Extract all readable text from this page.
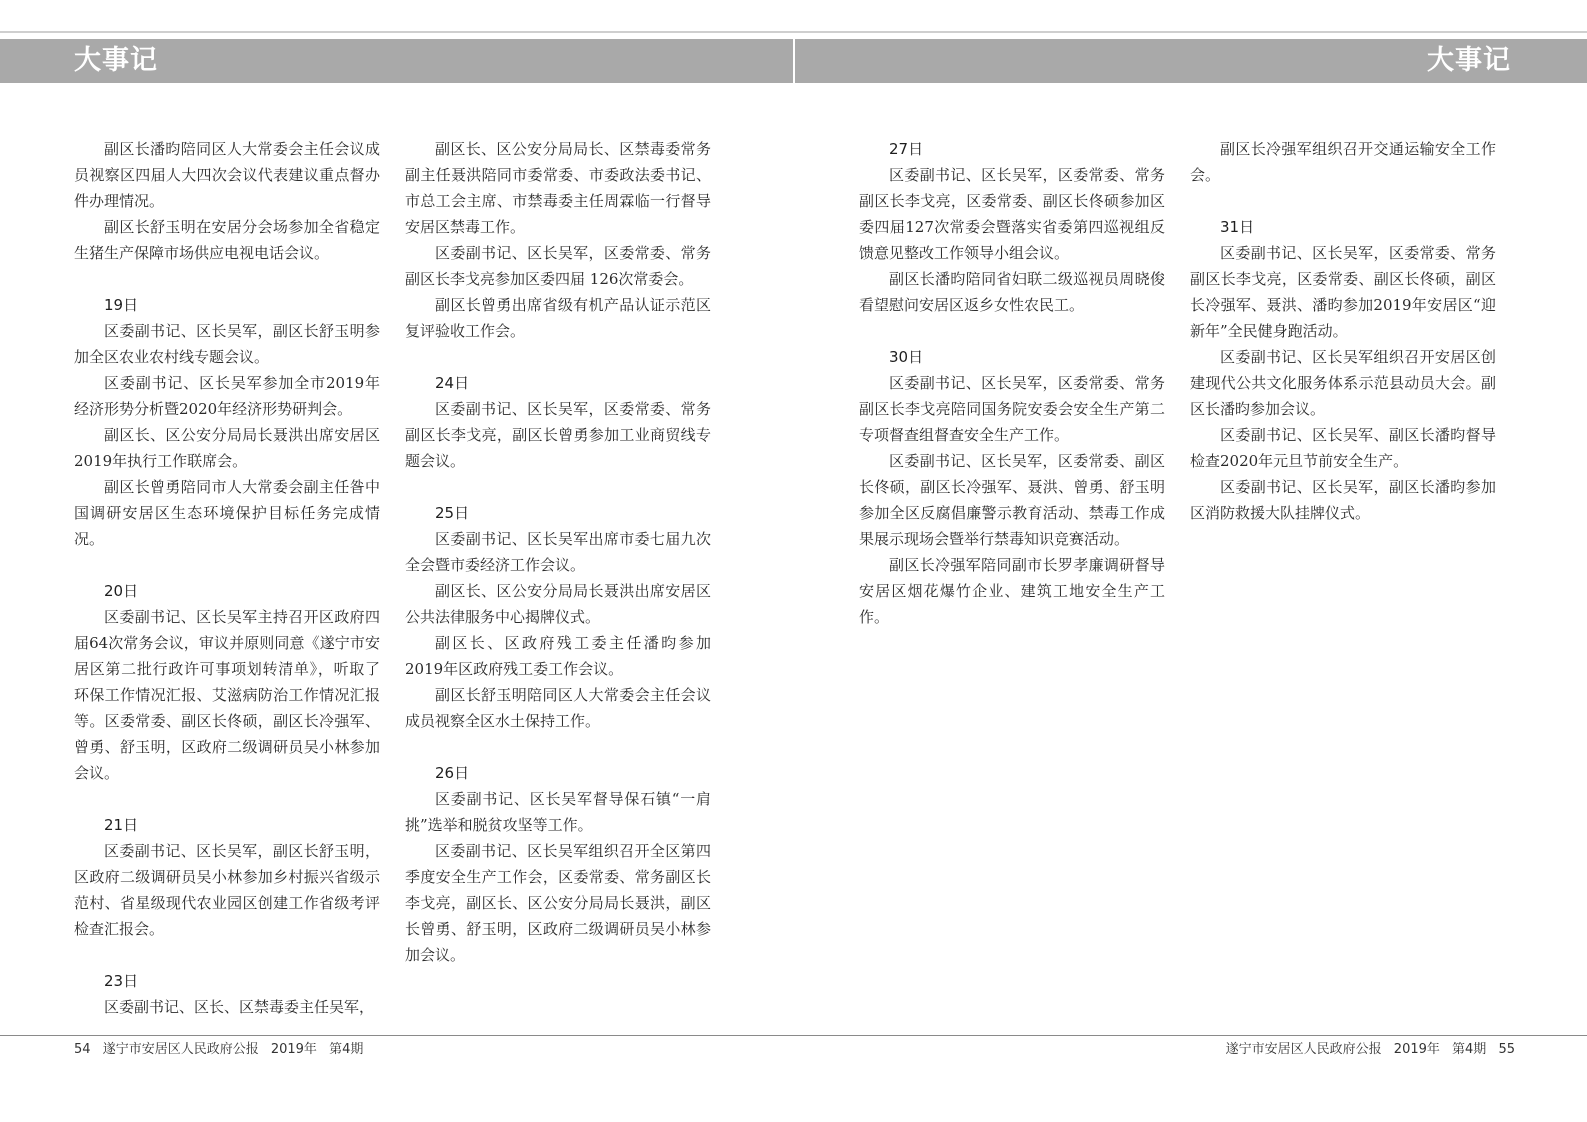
大事记	大事记

副区长潘昀陪同区人大常委会主任会议成员视察区四届人大四次会议代表建议重点督办件办理情况。

副区长舒玉明在安居分会场参加全省稳定生猪生产保障市场供应电视电话会议。

19日

区委副书记、区长吴军，副区长舒玉明参加全区农业农村线专题会议。

区委副书记、区长吴军参加全市2019年经济形势分析暨2020年经济形势研判会。

副区长、区公安分局局长聂洪出席安居区2019年执行工作联席会。

副区长曾勇陪同市人大常委会副主任昝中国调研安居区生态环境保护目标任务完成情况。

20日

区委副书记、区长吴军主持召开区政府四届64次常务会议，审议并原则同意《遂宁市安居区第二批行政许可事项划转清单》，听取了环保工作情况汇报、艾滋病防治工作情况汇报等。区委常委、副区长佟硕，副区长冷强军、曾勇、舒玉明，区政府二级调研员吴小林参加会议。

21日

区委副书记、区长吴军，副区长舒玉明，区政府二级调研员吴小林参加乡村振兴省级示范村、省星级现代农业园区创建工作省级考评检查汇报会。

23日

区委副书记、区长、区禁毒委主任吴军，

副区长、区公安分局局长、区禁毒委常务副主任聂洪陪同市委常委、市委政法委书记、市总工会主席、市禁毒委主任周霖临一行督导安居区禁毒工作。

区委副书记、区长吴军，区委常委、常务副区长李戈亮参加区委四届 126次常委会。

副区长曾勇出席省级有机产品认证示范区复评验收工作会。

24日

区委副书记、区长吴军，区委常委、常务副区长李戈亮，副区长曾勇参加工业商贸线专题会议。

25日

区委副书记、区长吴军出席市委七届九次全会暨市委经济工作会议。

副区长、区公安分局局长聂洪出席安居区公共法律服务中心揭牌仪式。

副区长、区政府残工委主任潘昀参加2019年区政府残工委工作会议。

副区长舒玉明陪同区人大常委会主任会议成员视察全区水土保持工作。

26日

区委副书记、区长吴军督导保石镇“一肩挑”选举和脱贫攻坚等工作。

区委副书记、区长吴军组织召开全区第四季度安全生产工作会，区委常委、常务副区长李戈亮，副区长、区公安分局局长聂洪，副区长曾勇、舒玉明，区政府二级调研员吴小林参加会议。

27日

区委副书记、区长吴军，区委常委、常务副区长李戈亮，区委常委、副区长佟硕参加区委四届127次常委会暨落实省委第四巡视组反馈意见整改工作领导小组会议。

副区长潘昀陪同省妇联二级巡视员周晓俊看望慰问安居区返乡女性农民工。

30日

区委副书记、区长吴军，区委常委、常务副区长李戈亮陪同国务院安委会安全生产第二专项督查组督查安全生产工作。

区委副书记、区长吴军，区委常委、副区长佟硕，副区长冷强军、聂洪、曾勇、舒玉明参加全区反腐倡廉警示教育活动、禁毒工作成果展示现场会暨举行禁毒知识竞赛活动。

副区长冷强军陪同副市长罗孝廉调研督导安居区烟花爆竹企业、建筑工地安全生产工作。

副区长冷强军组织召开交通运输安全工作会。

31日

区委副书记、区长吴军，区委常委、常务副区长李戈亮，区委常委、副区长佟硕，副区长冷强军、聂洪、潘昀参加2019年安居区“迎新年”全民健身跑活动。

区委副书记、区长吴军组织召开安居区创建现代公共文化服务体系示范县动员大会。副区长潘昀参加会议。

区委副书记、区长吴军、副区长潘昀督导检查2020年元旦节前安全生产。

区委副书记、区长吴军，副区长潘昀参加区消防救援大队挂牌仪式。

54 遂宁市安居区人民政府公报 2019年 第4期	遂宁市安居区人民政府公报 2019年 第4期 55
